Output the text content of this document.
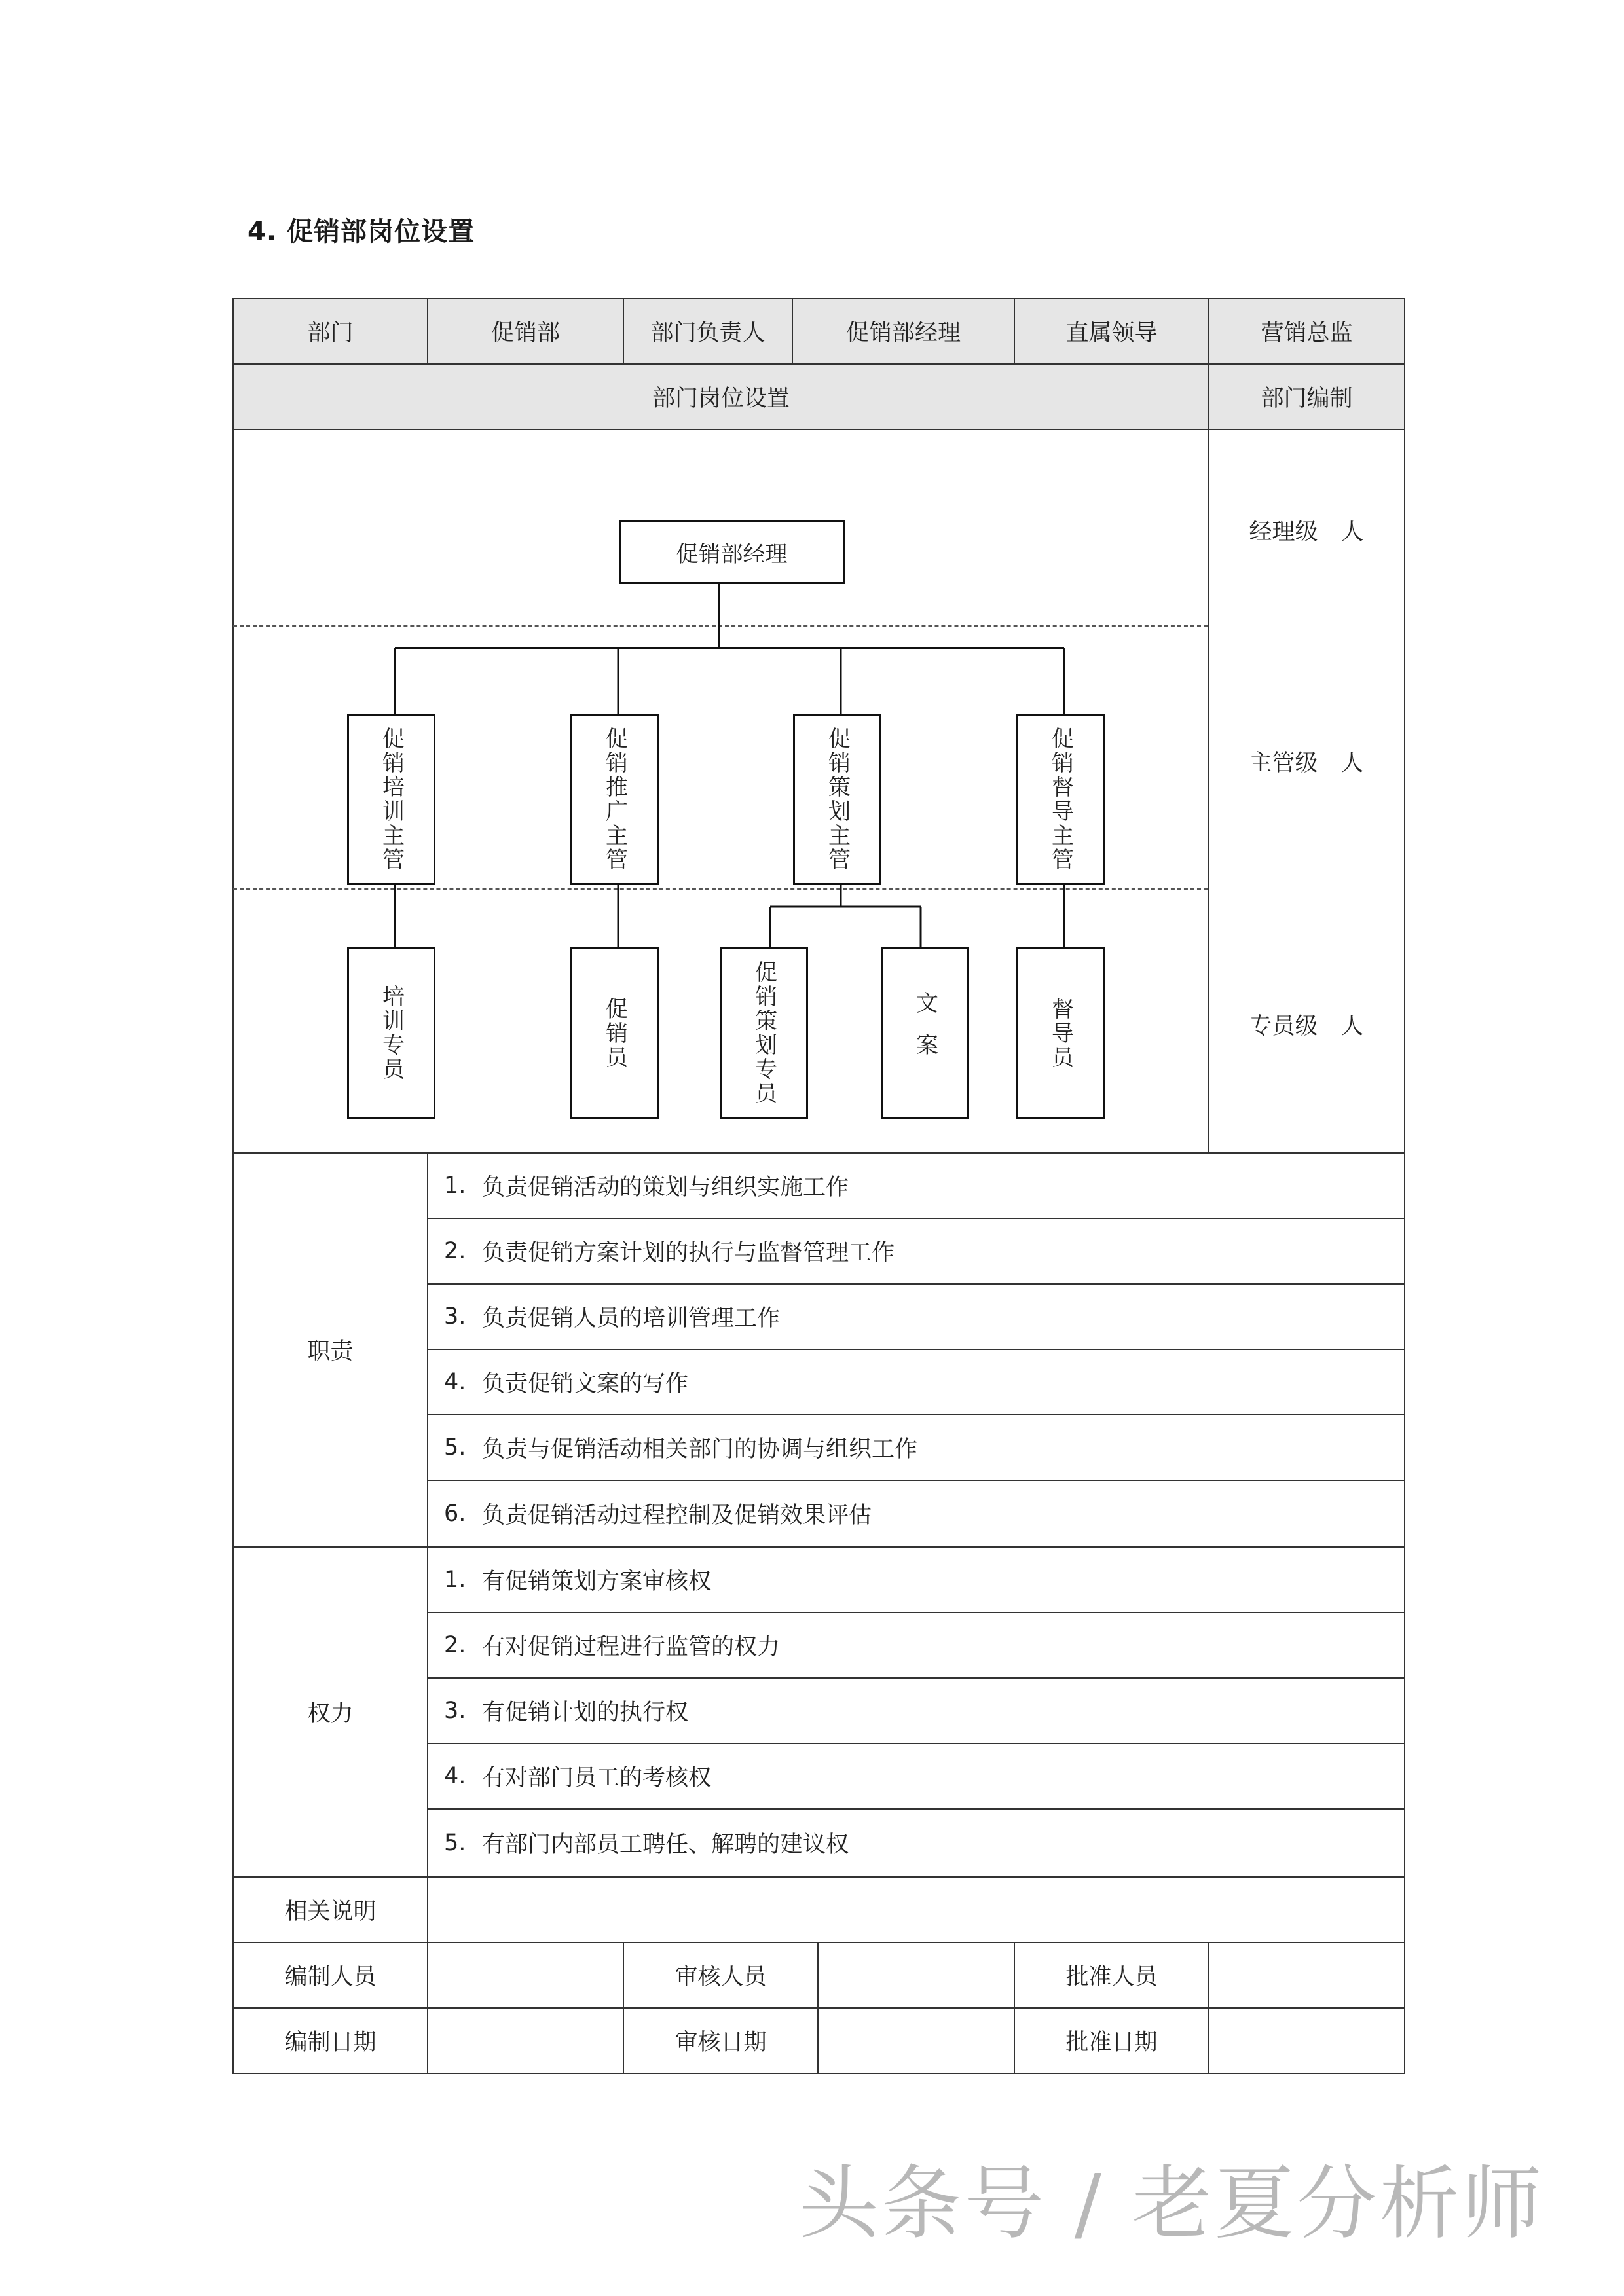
4. 促销部岗位设置
部门	促销部	部门负责人	促销部经理	直属领导	营销总监
部门岗位设置	部门编制
经理级　人
主管级　人
专员级　人
促销部经理
促销培训主管	促销推广主管	促销策划主管	促销督导主管
培训专员	促销员	促销策划专员	文案	督导员
职责
1. 负责促销活动的策划与组织实施工作
2. 负责促销方案计划的执行与监督管理工作
3. 负责促销人员的培训管理工作
4. 负责促销文案的写作
5. 负责与促销活动相关部门的协调与组织工作
6. 负责促销活动过程控制及促销效果评估
权力
1. 有促销策划方案审核权
2. 有对促销过程进行监管的权力
3. 有促销计划的执行权
4. 有对部门员工的考核权
5. 有部门内部员工聘任、解聘的建议权
相关说明
编制人员	审核人员	批准人员
编制日期	审核日期	批准日期
头条号 / 老夏分析师
